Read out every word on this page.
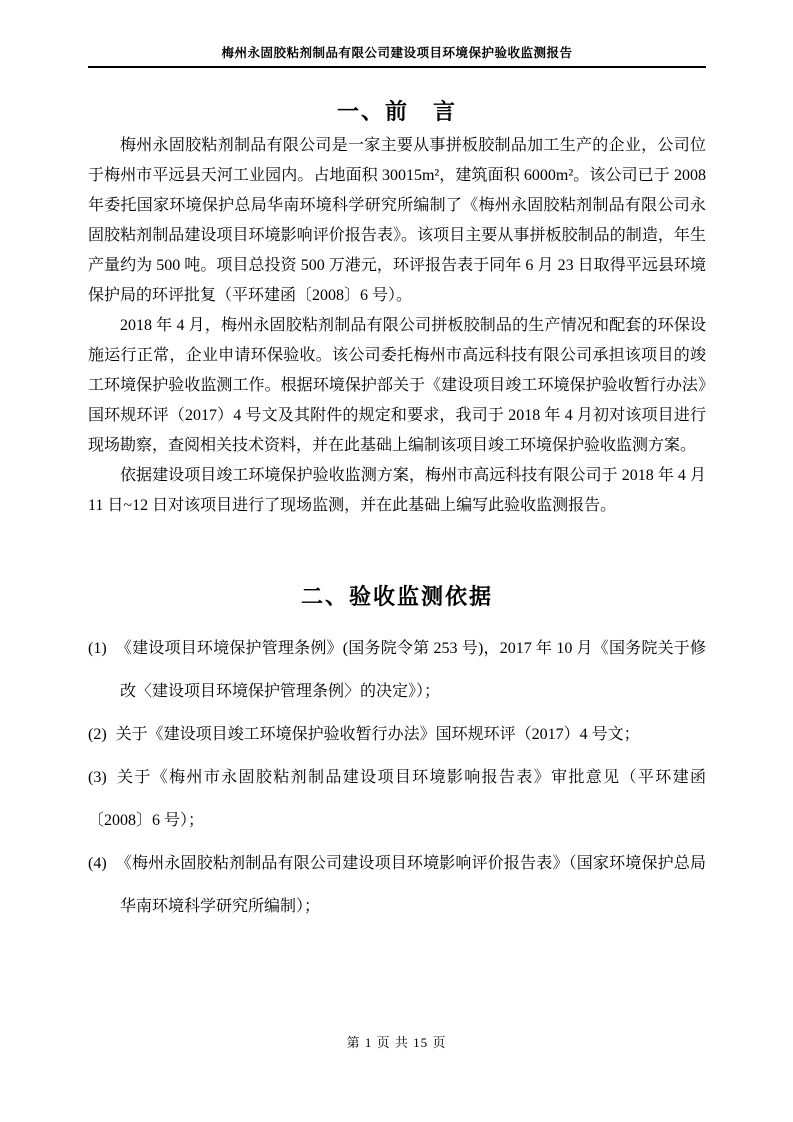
梅州永固胶粘剂制品有限公司建设项目环境保护验收监测报告
一、前　言

梅州永固胶粘剂制品有限公司是一家主要从事拼板胶制品加工生产的企业，公司位于梅州市平远县天河工业园内。占地面积 30015m²，建筑面积 6000m²。该公司已于 2008 年委托国家环境保护总局华南环境科学研究所编制了《梅州永固胶粘剂制品有限公司永固胶粘剂制品建设项目环境影响评价报告表》。该项目主要从事拼板胶制品的制造，年生产量约为 500 吨。项目总投资 500 万港元，环评报告表于同年 6 月 23 日取得平远县环境保护局的环评批复（平环建函〔2008〕6 号）。

2018 年 4 月，梅州永固胶粘剂制品有限公司拼板胶制品的生产情况和配套的环保设施运行正常，企业申请环保验收。该公司委托梅州市高远科技有限公司承担该项目的竣工环境保护验收监测工作。根据环境保护部关于《建设项目竣工环境保护验收暂行办法》国环规环评（2017）4 号文及其附件的规定和要求，我司于 2018 年 4 月初对该项目进行现场勘察，查阅相关技术资料，并在此基础上编制该项目竣工环境保护验收监测方案。

依据建设项目竣工环境保护验收监测方案，梅州市高远科技有限公司于 2018 年 4 月 11 日~12 日对该项目进行了现场监测，并在此基础上编写此验收监测报告。

二、验收监测依据

(1) 《建设项目环境保护管理条例》(国务院令第 253 号)，2017 年 10 月《国务院关于修改〈建设项目环境保护管理条例〉的决定》）；

(2) 关于《建设项目竣工环境保护验收暂行办法》国环规环评（2017）4 号文；

(3) 关于《梅州市永固胶粘剂制品建设项目环境影响报告表》审批意见（平环建函〔2008〕6 号）；

(4) 《梅州永固胶粘剂制品有限公司建设项目环境影响评价报告表》（国家环境保护总局华南环境科学研究所编制）；

第 1 页 共 15 页
